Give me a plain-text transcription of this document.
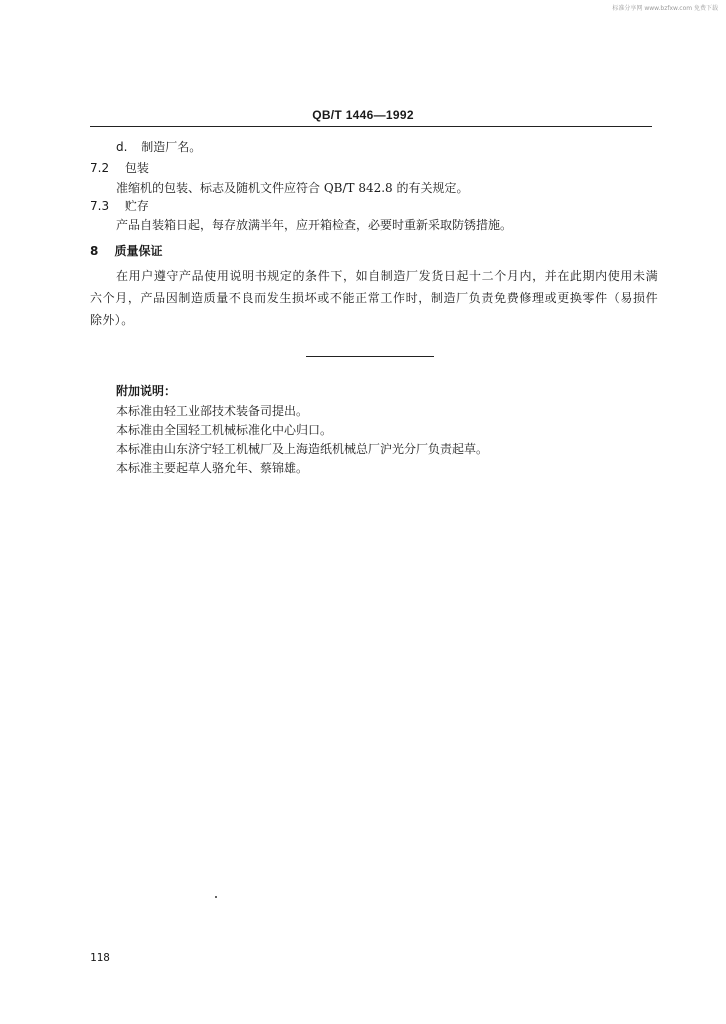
标准分享网 www.bzfxw.com 免费下载
QB/T 1446—1992
d. 制造厂名。
7.2 包装
准缩机的包装、标志及随机文件应符合 QB/T 842.8 的有关规定。
7.3 贮存
产品自装箱日起，每存放满半年，应开箱检查，必要时重新采取防锈措施。
8 质量保证
在用户遵守产品使用说明书规定的条件下，如自制造厂发货日起十二个月内，并在此期内使用未满六个月，产品因制造质量不良而发生损坏或不能正常工作时，制造厂负责免费修理或更换零件（易损件除外）。
附加说明：
本标准由轻工业部技术装备司提出。
本标准由全国轻工机械标准化中心归口。
本标准由山东济宁轻工机械厂及上海造纸机械总厂沪光分厂负责起草。
本标准主要起草人骆允年、蔡锦雄。
118
